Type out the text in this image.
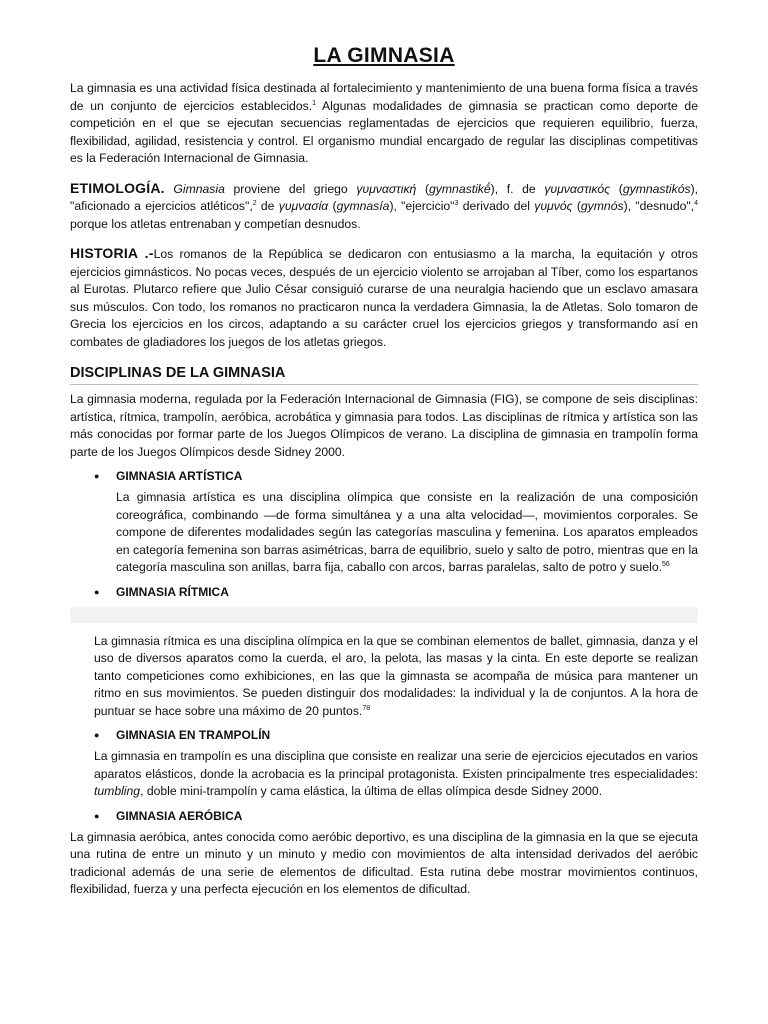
LA GIMNASIA

La gimnasia es una actividad física destinada al fortalecimiento y mantenimiento de una buena forma física a través de un conjunto de ejercicios establecidos.$^1$ Algunas modalidades de gimnasia se practican como deporte de competición en el que se ejecutan secuencias reglamentadas de ejercicios que requieren equilibrio, fuerza, flexibilidad, agilidad, resistencia y control. El organismo mundial encargado de regular las disciplinas competitivas es la Federación Internacional de Gimnasia.

ETIMOLOGÍA. Gimnasia proviene del griego γυμναστική (gymnastikḗ), f. de γυμναστικός (gymnastikós), "aficionado a ejercicios atléticos",$^2$ de γυμνασία (gymnasía), "ejercicio"$^3$ derivado del γυμνός (gymnós), "desnudo",$^4$ porque los atletas entrenaban y competían desnudos.

HISTORIA .-Los romanos de la República se dedicaron con entusiasmo a la marcha, la equitación y otros ejercicios gimnásticos. No pocas veces, después de un ejercicio violento se arrojaban al Tíber, como los espartanos al Eurotas. Plutarco refiere que Julio César consiguió curarse de una neuralgia haciendo que un esclavo amasara sus músculos. Con todo, los romanos no practicaron nunca la verdadera Gimnasia, la de Atletas. Solo tomaron de Grecia los ejercicios en los circos, adaptando a su carácter cruel los ejercicios griegos y transformando así en combates de gladiadores los juegos de los atletas griegos.

DISCIPLINAS DE LA GIMNASIA

La gimnasia moderna, regulada por la Federación Internacional de Gimnasia (FIG), se compone de seis disciplinas: artística, rítmica, trampolín, aeróbica, acrobática y gimnasia para todos. Las disciplinas de rítmica y artística son las más conocidas por formar parte de los Juegos Olímpicos de verano. La disciplina de gimnasia en trampolín forma parte de los Juegos Olímpicos desde Sidney 2000.

●	GIMNASIA ARTÍSTICA

La gimnasia artística es una disciplina olímpica que consiste en la realización de una composición coreográfica, combinando —de forma simultánea y a una alta velocidad—, movimientos corporales. Se compone de diferentes modalidades según las categorías masculina y femenina. Los aparatos empleados en categoría femenina son barras asimétricas, barra de equilibrio, suelo y salto de potro, mientras que en la categoría masculina son anillas, barra fija, caballo con arcos, barras paralelas, salto de potro y suelo.$^{56}$

●	GIMNASIA RÍTMICA

La gimnasia rítmica es una disciplina olímpica en la que se combinan elementos de ballet, gimnasia, danza y el uso de diversos aparatos como la cuerda, el aro, la pelota, las masas y la cinta. En este deporte se realizan tanto competiciones como exhibiciones, en las que la gimnasta se acompaña de música para mantener un ritmo en sus movimientos. Se pueden distinguir dos modalidades: la individual y la de conjuntos. A la hora de puntuar se hace sobre una máximo de 20 puntos.$^{78}$

●	GIMNASIA EN TRAMPOLÍN

La gimnasia en trampolín es una disciplina que consiste en realizar una serie de ejercicios ejecutados en varios aparatos elásticos, donde la acrobacia es la principal protagonista. Existen principalmente tres especialidades: tumbling, doble mini-trampolín y cama elástica, la última de ellas olímpica desde Sidney 2000.

●	GIMNASIA AERÓBICA

La gimnasia aeróbica, antes conocida como aeróbic deportivo, es una disciplina de la gimnasia en la que se ejecuta una rutina de entre un minuto y un minuto y medio con movimientos de alta intensidad derivados del aeróbic tradicional además de una serie de elementos de dificultad. Esta rutina debe mostrar movimientos continuos, flexibilidad, fuerza y una perfecta ejecución en los elementos de dificultad.
